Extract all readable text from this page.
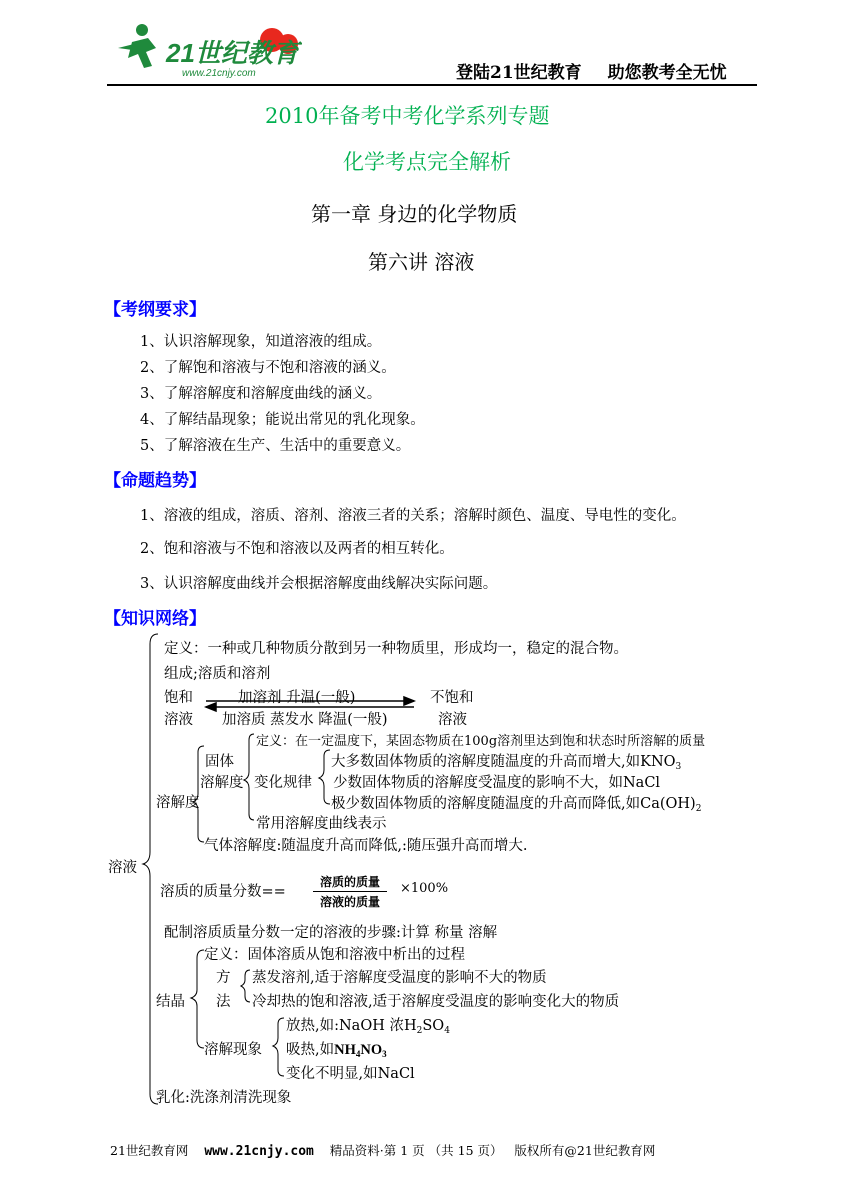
21世纪教育
www.21cnjy.com	登陆21世纪教育 助您教考全无忧
2010年备考中考化学系列专题
化学考点完全解析
第一章 身边的化学物质
第六讲 溶液
【考纲要求】
1、认识溶解现象，知道溶液的组成。
2、了解饱和溶液与不饱和溶液的涵义。
3、了解溶解度和溶解度曲线的涵义。
4、了解结晶现象；能说出常见的乳化现象。
5、了解溶液在生产、生活中的重要意义。
【命题趋势】
1、溶液的组成，溶质、溶剂、溶液三者的关系；溶解时颜色、温度、导电性的变化。
2、饱和溶液与不饱和溶液以及两者的相互转化。
3、认识溶解度曲线并会根据溶解度曲线解决实际问题。
【知识网络】
定义：一种或几种物质分散到另一种物质里，形成均一，稳定的混合物。
组成;溶质和溶剂
饱和
溶液
加溶剂 升温(一般)
加溶质 蒸发水 降温(一般)
不饱和
溶液
溶解度
固体
溶解度
定义：在一定温度下，某固态物质在100g溶剂里达到饱和状态时所溶解的质量
变化规律
大多数固体物质的溶解度随温度的升高而增大,如$KNO_3$
少数固体物质的溶解度受温度的影响不大，如NaCl
极少数固体物质的溶解度随温度的升高而降低,如$Ca(OH)_2$
常用溶解度曲线表示
气体溶解度:随温度升高而降低,:随压强升高而增大.
溶液
溶质的质量分数==
溶质的质量
溶液的质量
×100%
配制溶质质量分数一定的溶液的步骤:计算 称量 溶解
结晶
定义：固体溶质从饱和溶液中析出的过程
方
法
蒸发溶剂,适于溶解度受温度的影响不大的物质
冷却热的饱和溶液,适于溶解度受温度的影响变化大的物质
溶解现象
放热,如:NaOH 浓$H_2SO_4$
吸热,如$NH_4NO_3$
变化不明显,如NaCl
乳化:洗涤剂清洗现象
21世纪教育网 www.21cnjy.com 精品资料·第 1 页 （共 15 页） 版权所有@21世纪教育网
